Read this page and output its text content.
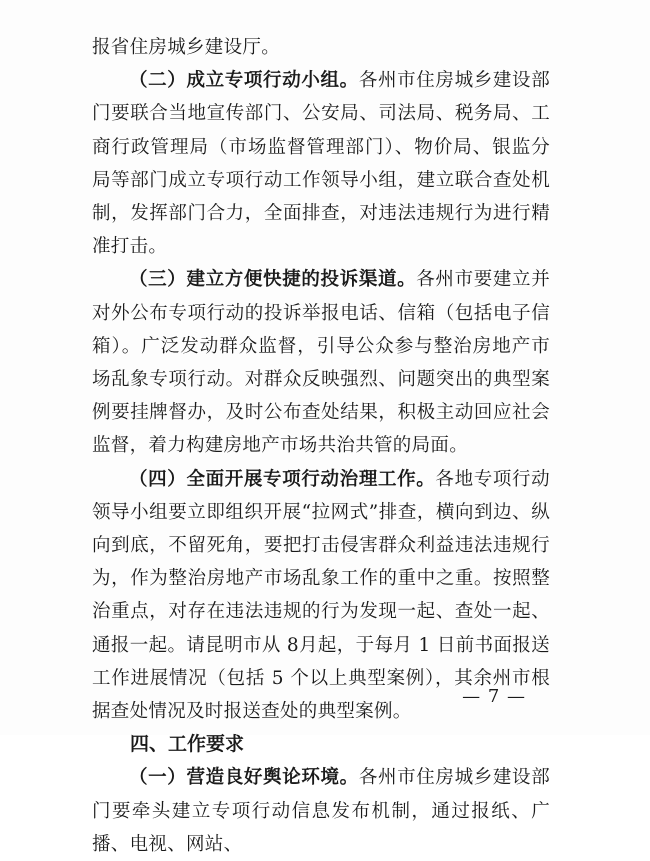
报省住房城乡建设厅。

（二）成立专项行动小组。各州市住房城乡建设部门要联合当地宣传部门、公安局、司法局、税务局、工商行政管理局（市场监督管理部门）、物价局、银监分局等部门成立专项行动工作领导小组，建立联合查处机制，发挥部门合力，全面排查，对违法违规行为进行精准打击。

（三）建立方便快捷的投诉渠道。各州市要建立并对外公布专项行动的投诉举报电话、信箱（包括电子信箱）。广泛发动群众监督，引导公众参与整治房地产市场乱象专项行动。对群众反映强烈、问题突出的典型案例要挂牌督办，及时公布查处结果，积极主动回应社会监督，着力构建房地产市场共治共管的局面。

（四）全面开展专项行动治理工作。各地专项行动领导小组要立即组织开展“拉网式”排查，横向到边、纵向到底，不留死角，要把打击侵害群众利益违法违规行为，作为整治房地产市场乱象工作的重中之重。按照整治重点，对存在违法违规的行为发现一起、查处一起、通报一起。请昆明市从 8月起，于每月 1 日前书面报送工作进展情况（包括 5 个以上典型案例），其余州市根据查处情况及时报送查处的典型案例。

四、工作要求

（一）营造良好舆论环境。各州市住房城乡建设部门要牵头建立专项行动信息发布机制，通过报纸、广播、电视、网站、

— 7 —
